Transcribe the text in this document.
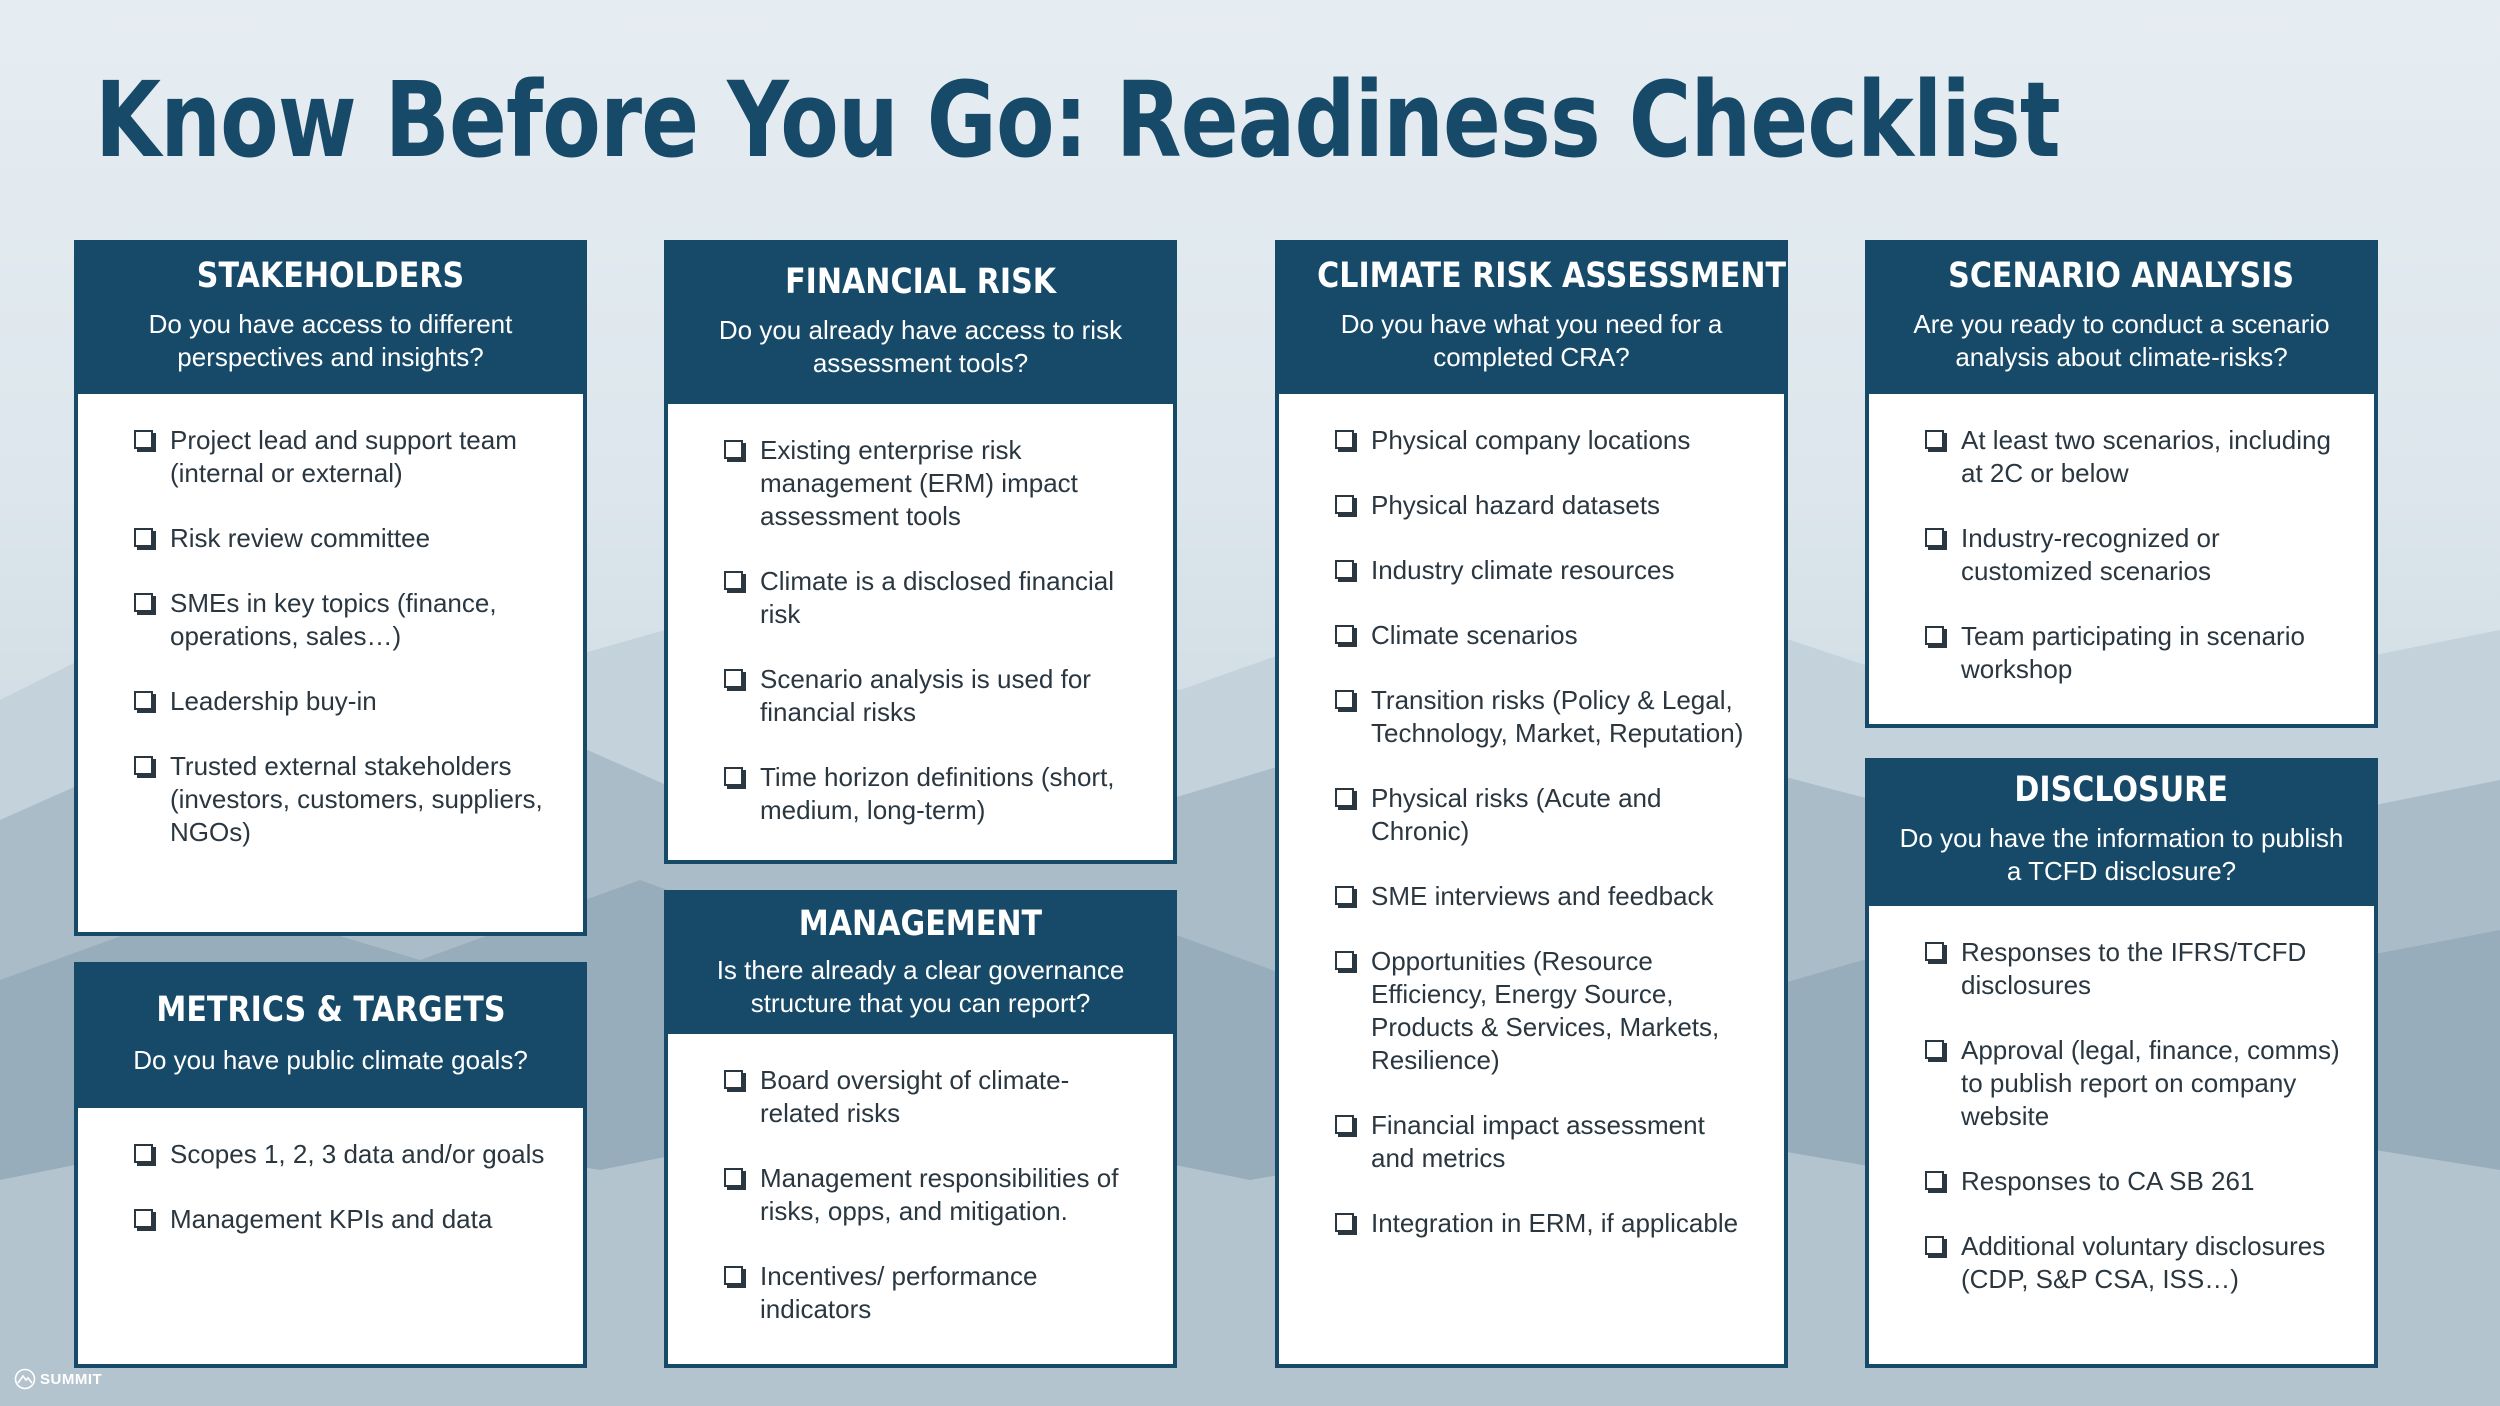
Know Before You Go: Readiness Checklist
STAKEHOLDERS
Do you have access to different perspectives and insights?
Project lead and support team (internal or external)
Risk review committee
SMEs in key topics (finance, operations, sales…)
Leadership buy-in
Trusted external stakeholders (investors, customers, suppliers, NGOs)
METRICS & TARGETS
Do you have public climate goals?
Scopes 1, 2, 3 data and/or goals
Management KPIs and data
FINANCIAL RISK
Do you already have access to risk assessment tools?
Existing enterprise risk management (ERM) impact assessment tools
Climate is a disclosed financial risk
Scenario analysis is used for financial risks
Time horizon definitions (short, medium, long-term)
MANAGEMENT
Is there already a clear governance structure that you can report?
Board oversight of climate-related risks
Management responsibilities of risks, opps, and mitigation.
Incentives/ performance indicators
CLIMATE RISK ASSESSMENT
Do you have what you need for a completed CRA?
Physical company locations
Physical hazard datasets
Industry climate resources
Climate scenarios
Transition risks (Policy & Legal, Technology, Market, Reputation)
Physical risks (Acute and Chronic)
SME interviews and feedback
Opportunities (Resource Efficiency, Energy Source, Products & Services, Markets, Resilience)
Financial impact assessment and metrics
Integration in ERM, if applicable
SCENARIO ANALYSIS
Are you ready to conduct a scenario analysis about climate-risks?
At least two scenarios, including at 2C or below
Industry-recognized or customized scenarios
Team participating in scenario workshop
DISCLOSURE
Do you have the information to publish a TCFD disclosure?
Responses to the IFRS/TCFD disclosures
Approval (legal, finance, comms) to publish report on company website
Responses to CA SB 261
Additional voluntary disclosures (CDP, S&P CSA, ISS…)
SUMMIT
